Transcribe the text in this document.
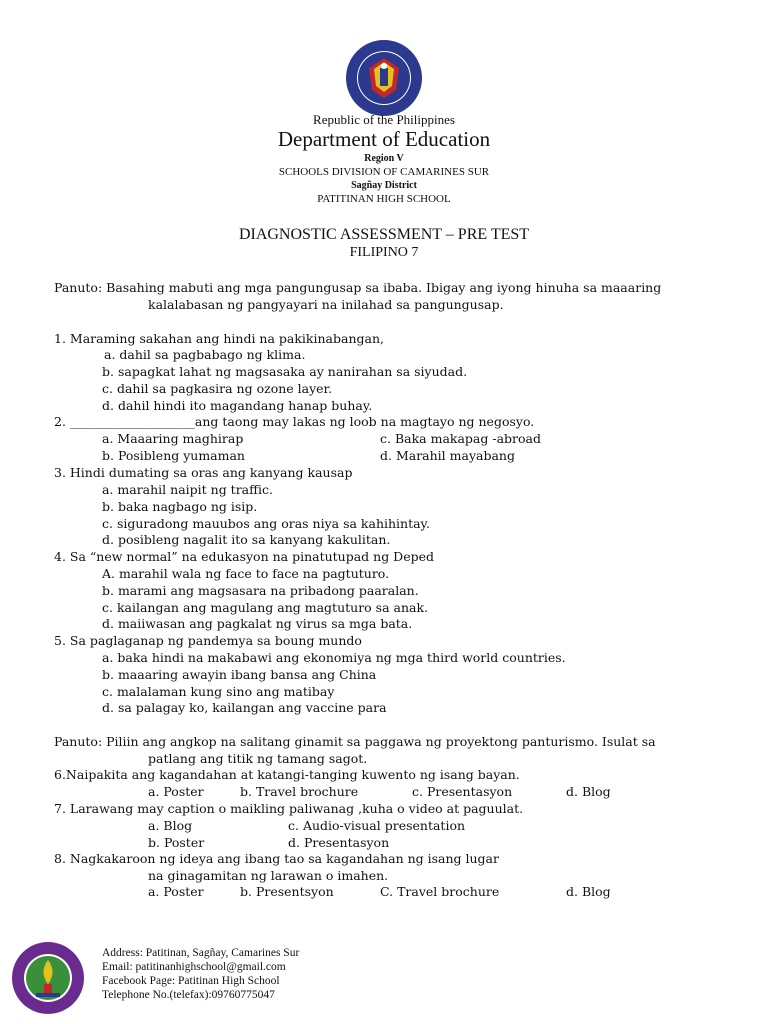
Republic of the Philippines
Department of Education
Region V
SCHOOLS DIVISION OF CAMARINES SUR
Sagñay District
PATITINAN HIGH SCHOOL
DIAGNOSTIC ASSESSMENT – PRE TEST
FILIPINO 7
Panuto: Basahing mabuti ang mga pangungusap sa ibaba. Ibigay ang iyong hinuha sa maaaring
kalalabasan ng pangyayari na inilahad sa pangungusap.
1. Maraming sakahan ang hindi na pakikinabangan,
a. dahil sa pagbabago ng klima.
b. sapagkat lahat ng magsasaka ay nanirahan sa siyudad.
c. dahil sa pagkasira ng ozone layer.
d. dahil hindi ito magandang hanap buhay.
2. ____________________ang taong may lakas ng loob na magtayo ng negosyo.
a. Maaaring maghirap	c. Baka makapag -abroad
b. Posibleng yumaman	d. Marahil mayabang
3. Hindi dumating sa oras ang kanyang kausap
a. marahil naipit ng traffic.
b. baka nagbago ng isip.
c. siguradong mauubos ang oras niya sa kahihintay.
d. posibleng nagalit ito sa kanyang kakulitan.
4. Sa “new normal” na edukasyon na pinatutupad ng Deped
A. marahil wala ng face to face na pagtuturo.
b. marami ang magsasara na pribadong paaralan.
c. kailangan ang magulang ang magtuturo sa anak.
d. maiiwasan ang pagkalat ng virus sa mga bata.
5. Sa paglaganap ng pandemya sa boung mundo
a. baka hindi na makabawi ang ekonomiya ng mga third world countries.
b. maaaring awayin ibang bansa ang China
c. malalaman kung sino ang matibay
d. sa palagay ko, kailangan ang vaccine para
Panuto: Piliin ang angkop na salitang ginamit sa paggawa ng proyektong panturismo. Isulat sa
patlang ang titik ng tamang sagot.
6.Naipakita ang kagandahan at katangi-tanging kuwento ng isang bayan.
a. Poster	b. Travel brochure	c. Presentasyon	d. Blog
7. Larawang may caption o maikling paliwanag ,kuha o video at paguulat.
a. Blog	c. Audio-visual presentation
b. Poster	d. Presentasyon
8. Nagkakaroon ng ideya ang ibang tao sa kagandahan ng isang lugar
na ginagamitan ng larawan o imahen.
a. Poster	b. Presentsyon	C. Travel brochure	d. Blog
Address: Patitinan, Sagñay, Camarines Sur
Email: patitinanhighschool@gmail.com
Facebook Page: Patitinan High School
Telephone No.(telefax):09760775047
